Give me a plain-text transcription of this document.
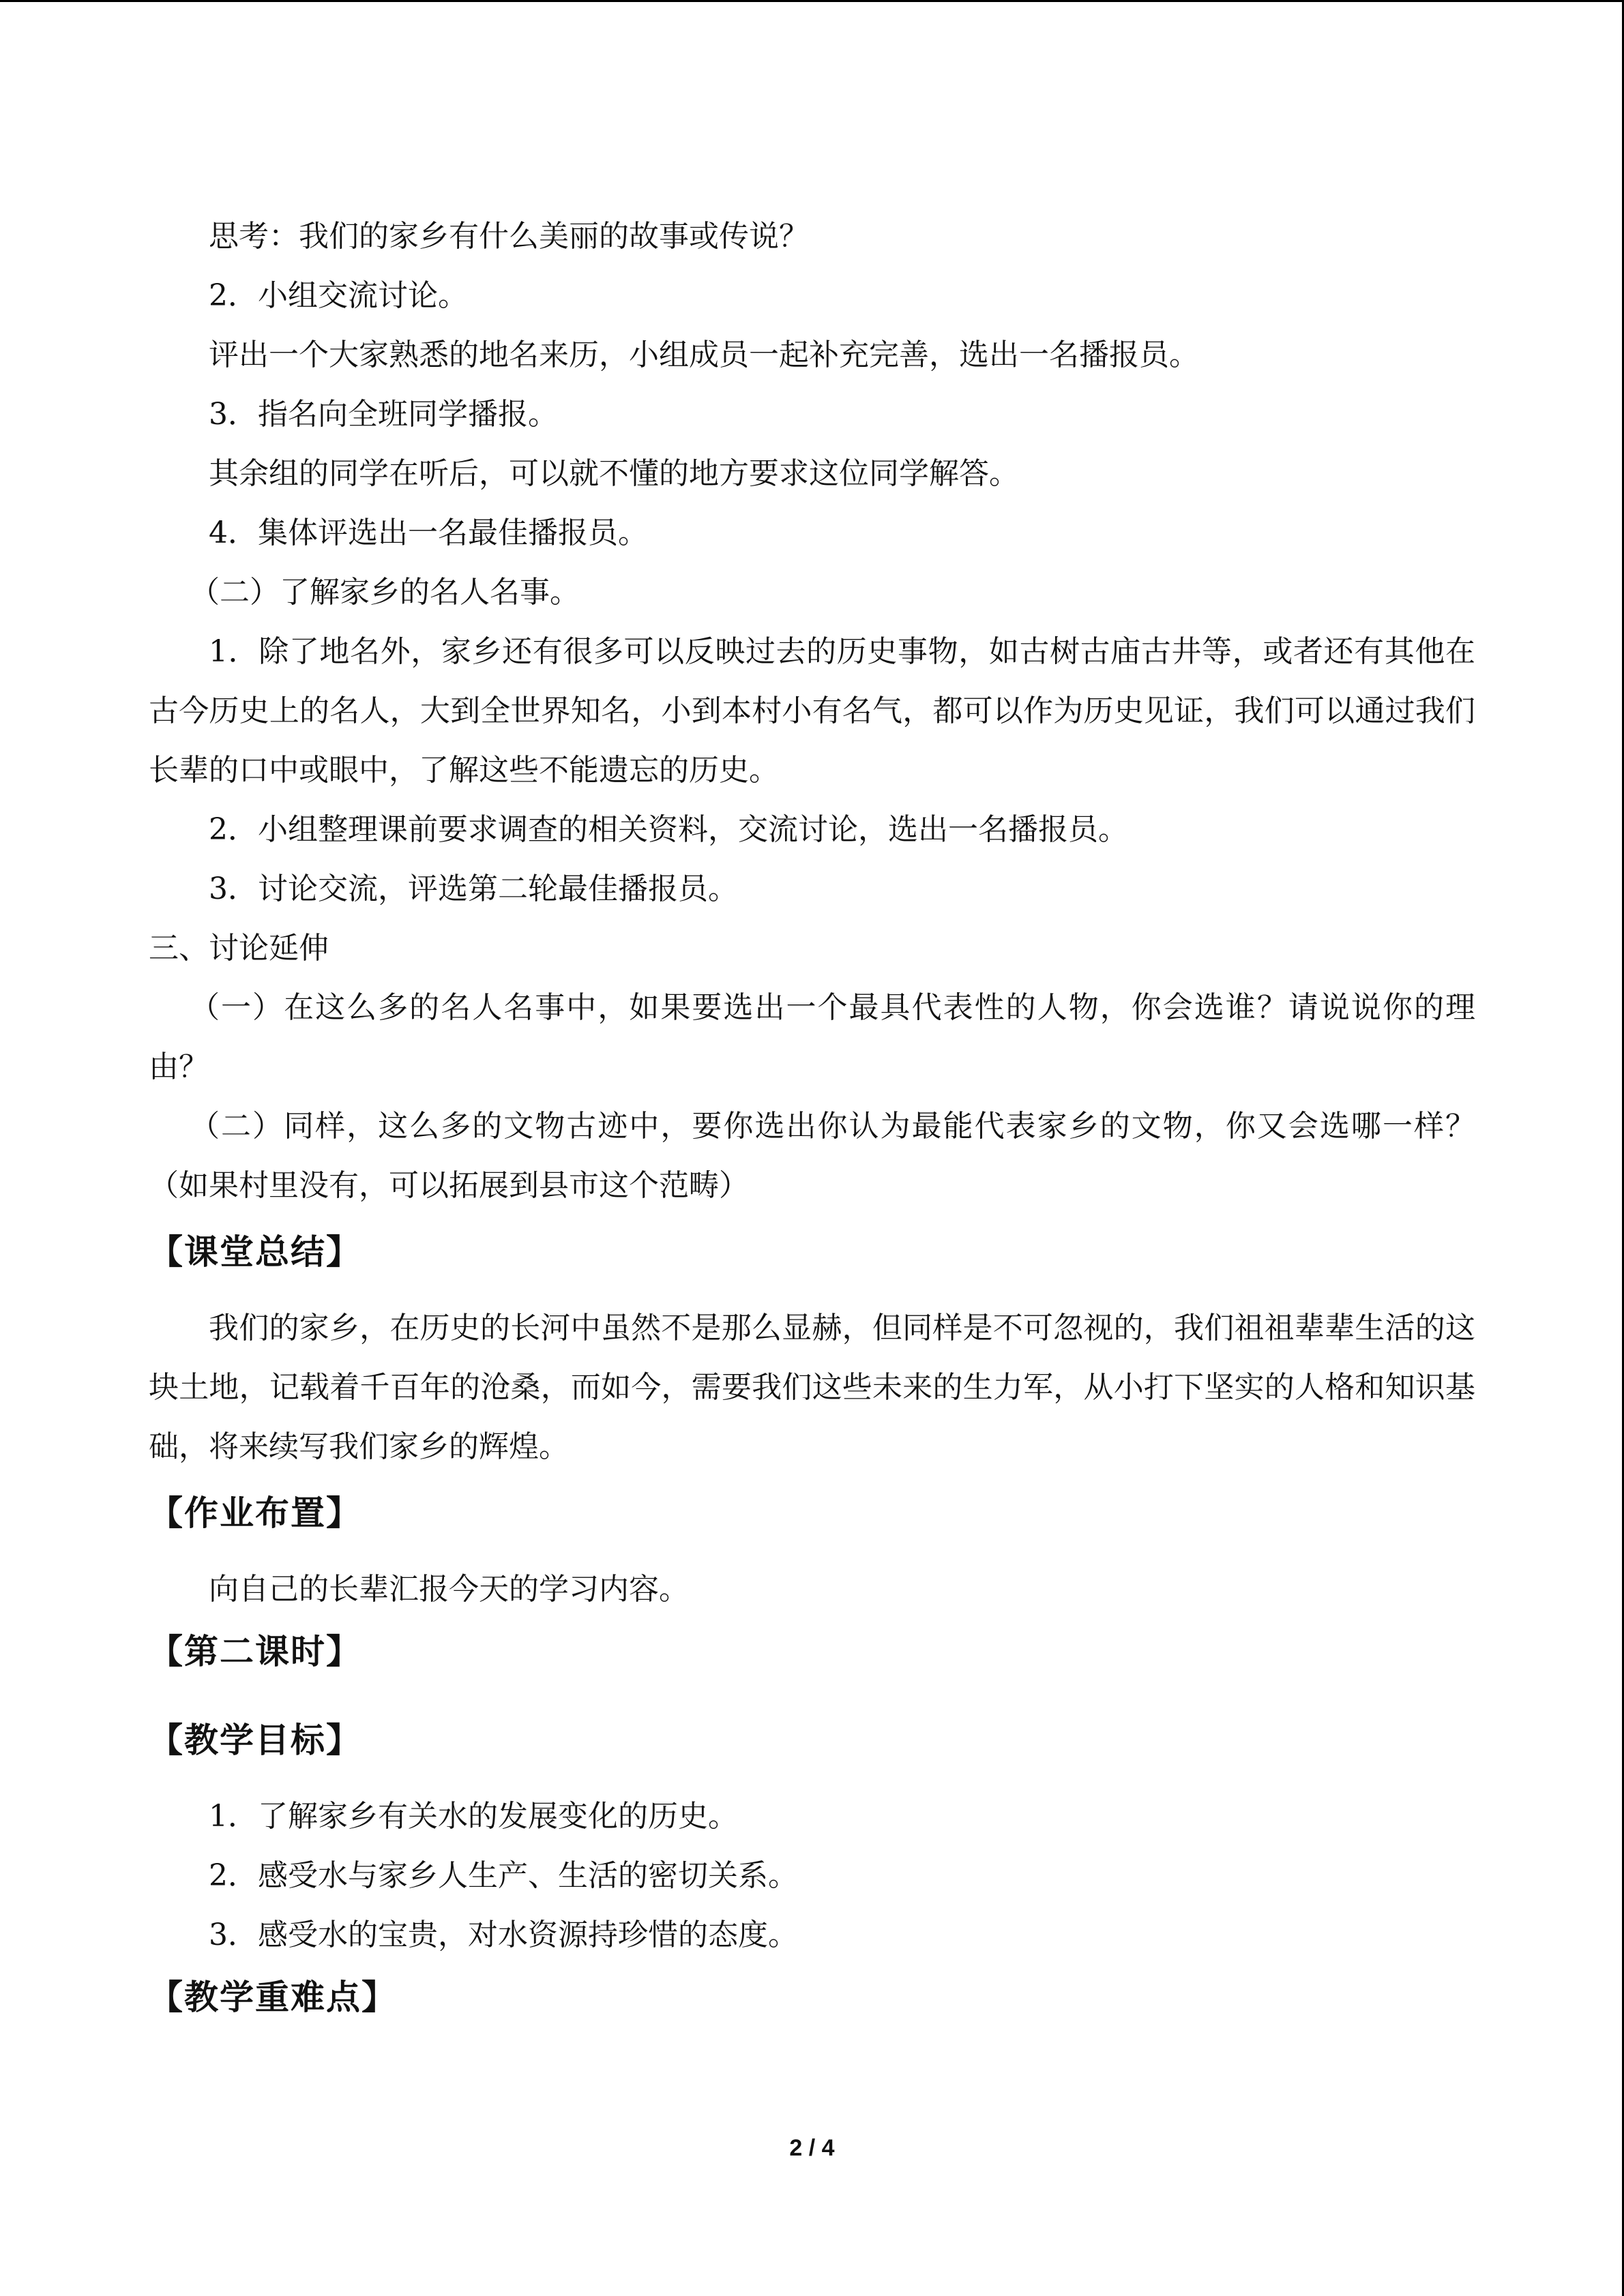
思考：我们的家乡有什么美丽的故事或传说？

2．小组交流讨论。

评出一个大家熟悉的地名来历，小组成员一起补充完善，选出一名播报员。

3．指名向全班同学播报。

其余组的同学在听后，可以就不懂的地方要求这位同学解答。

4．集体评选出一名最佳播报员。

（二）了解家乡的名人名事。

1．除了地名外，家乡还有很多可以反映过去的历史事物，如古树古庙古井等，或者还有其他在古今历史上的名人，大到全世界知名，小到本村小有名气，都可以作为历史见证，我们可以通过我们长辈的口中或眼中，了解这些不能遗忘的历史。

2．小组整理课前要求调查的相关资料，交流讨论，选出一名播报员。

3．讨论交流，评选第二轮最佳播报员。

三、讨论延伸

（一）在这么多的名人名事中，如果要选出一个最具代表性的人物，你会选谁？请说说你的理由？

（二）同样，这么多的文物古迹中，要你选出你认为最能代表家乡的文物，你又会选哪一样？（如果村里没有，可以拓展到县市这个范畴）

【课堂总结】

我们的家乡，在历史的长河中虽然不是那么显赫，但同样是不可忽视的，我们祖祖辈辈生活的这块土地，记载着千百年的沧桑，而如今，需要我们这些未来的生力军，从小打下坚实的人格和知识基础，将来续写我们家乡的辉煌。

【作业布置】

向自己的长辈汇报今天的学习内容。

【第二课时】

【教学目标】

1．了解家乡有关水的发展变化的历史。

2．感受水与家乡人生产、生活的密切关系。

3．感受水的宝贵，对水资源持珍惜的态度。

【教学重难点】

2 / 4
